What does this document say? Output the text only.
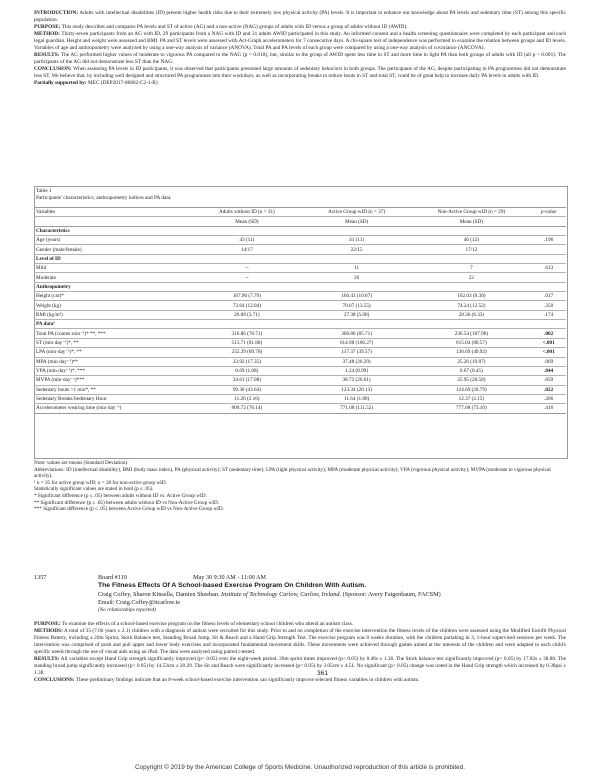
INTRODUCTION: Adults with intellectual disabilities (ID) present higher health risks due to their extremely low physical activity (PA) levels. It is important to enhance our knowledge about PA levels and sedentary time (ST) among this specific population.
PURPOSE: This study describes and compares PA levels and ST of active (AG) and a non-active (NAG) groups of adults with ID versus a group of adults without ID (AWID).
METHOD: Thirty-seven participants from an AG with ID, 29 participants from a NAG with ID and 31 adults AWID participated in this study. An informed consent and a health screening questionnaire were completed by each participant and each legal guardian. Height and weight were assessed and BMI. PA and ST levels were assessed with Act-Graph accelerometers for 7 consecutive days. A chi-square test of independence was performed to examine the relation between groups and ID levels. Variables of age and anthropometry were analyzed by using a one-way analysis of variance (ANOVA). Total PA and PA levels of each group were compared by using a one-way analysis of covariance (ANCOVA).
RESULTS: The AG performed higher values of moderate to vigorous PA compared to the NAG (p = 0.018), but, similar to the group of AWID spent less time in ST and more time in light PA than both groups of adults with ID (all p < 0.001). The participants of the AG did not demonstrate less ST than the NAG.
CONCLUSION: When assessing PA levels in ID participants, it was observed that participants presented large amounts of sedentary behaviors in both groups. The participants of the AG, despite participating in PA programmes did not demonstrate less ST. We believe that, by including well designed and structured PA programmes into their workdays, as well as incorporating breaks to reduce bouts in ST and total ST, could be of great help to increase daily PA levels in adults with ID.
Partially supported by: MEC (DEP2017-86862-C2-1-R)
Table 1
Participants' characteristics, anthropometry indices and PA data.
Variables	Adults without ID (n = 31)	Active Group wID (n = 37)	Non-Active Group wID (n = 29)	p-value
	Mean (SD)	Mean (SD)	Mean (SD)	
Characteristics				
Age (years)	43 (11)	41 (11)	46 (12)	.196
Gender (male/female)	14/17	22/15	17/12	
Level of ID				
Mild	--	11	7	.613
Moderate	--	26	22	
Anthropometry				
Height (cm)*	167.90 (7.79)	160.43 (10.87)	162.03 (9.30)	.017
Weight (kg)	73.64 (12.04)	70.07 (13.55)	74.24 (12.52)	.350
BMI (kg/m²)	26.08 (3.71)	27.38 (5.00)	28.36 (6.33)	.174
PA data¹				
Total PA (counts·min⁻¹)* **, ***	316.86 (78.71)	306.86 (85.71)	236.54 (107.90)	.002
ST (min·day⁻¹)*, **	513.71 (81.88)	614.98 (106.27)	615.04 (80.57)	<.001
LPA (min·day⁻¹)*, **	252.39 (69.78)	117.37 (39.57)	136.69 (49.92)	<.001
MPA (min·day⁻¹)**	33.92 (17.35)	37.48 (26.29)	25.26 (19.87)	.069
VPA (min·day⁻¹)*, ***	0.69 (1.08)	1.24 (0.99)	0.67 (0.45)	.044
MVPA (min·day⁻¹)***	34.61 (17.08)	38.72 (26.61)	25.95 (20.58)	.059
Sedentary bouts >1 min*, **	99.36 (43.64)	123.34 (20.13)	124.69 (20.79)	.022
Sedentary Breaks/Sedentary Hour	11.26 (2.16)	11.64 (1.80)	12.37 (2.15)	.206
Accelerometer wearing time (min·day⁻¹)	800.72 (76.14)	771.08 (111.52)	777.68 (73.10)	.416
Note: values are means (Standard Deviation).
Abbreviations: ID (intellectual disability), BMI (body mass index), PA (physical activity); ST (sedentary time); LPA (light physical activity); MPA (moderate physical activity); VPA (vigorous physical activity); MVPA (moderate to vigorous physical activity).
¹ n = 35 for active group wID; n = 28 for non-active group wID.
Statistically significant values are stated in bold (p ≤ .05).
* Significant difference (p ≤ .05) between adults without ID vs. Active Group wID.
** Significant difference (p ≤ .05) between adults without ID vs Non-Active Group wID.
*** Significant difference (p ≤ .05) between Active Group wID vs Non-Active Group wID.
1357	Board #119	May 30 9:30 AM - 11:00 AM
The Fitness Effects Of A School-based Exercise Program On Children With Autism.
Craig Coffey, Sharon Kinsella, Damien Sheehan. Institute of Technology Carlow, Carlow, Ireland. (Sponsor: Avery Faigenbaum, FACSM)
Email: Craig.Coffey@itcarlow.ie
(No relationships reported)
PURPOSE: To examine the effects of a school-based exercise program on the fitness levels of elementary school children who attend an autism class.
METHODS: A total of 35 (7.66 years ± 2.1) children with a diagnosis of autism were recruited for this study. Prior to and on completion of the exercise intervention the fitness levels of the children were assessed using the Modified Eurofit Physical Fitness Battery, including a 20m Sprint, Stork Balance test, Standing Broad Jump, Sit & Reach and a Hand Grip Strength Test. The exercise program was 8 weeks duration, with the children partaking in 3, 1-hour supervised sessions per week. The intervention was comprised of push and pull upper and lower body exercises and incorporated fundamental movement skills. These movements were achieved through games aimed at the interests of the children and were adapted to each child's specific needs through the use of visual aids using an iPad. The data were analysed using paired t-tested.
RESULTS: All variables except Hand Grip strength significantly improved (p< 0.05) over the eight-week period. 20m sprint times improved (p< 0.05) by 0.46s ± 1.36. The Stork balance test significantly improved (p< 0.05) by 17.82s ± 38.86. The standing broad jump significantly increased (p< 0.05) by 14.53cm ± 20.29. The Sit and Reach were significantly increased (p< 0.05) by 3.05cm ± 4.51. No significant (p> 0.05) change was noted in the Hand Grip strength which increased by 0.38psi ± 1.38.
CONCLUSIONS: These preliminary findings indicate that an 8-week school-based exercise intervention can significantly improve selected fitness variables in children with autism.
361
Copyright © 2019 by the American College of Sports Medicine. Unauthorized reproduction of this article is prohibited.
